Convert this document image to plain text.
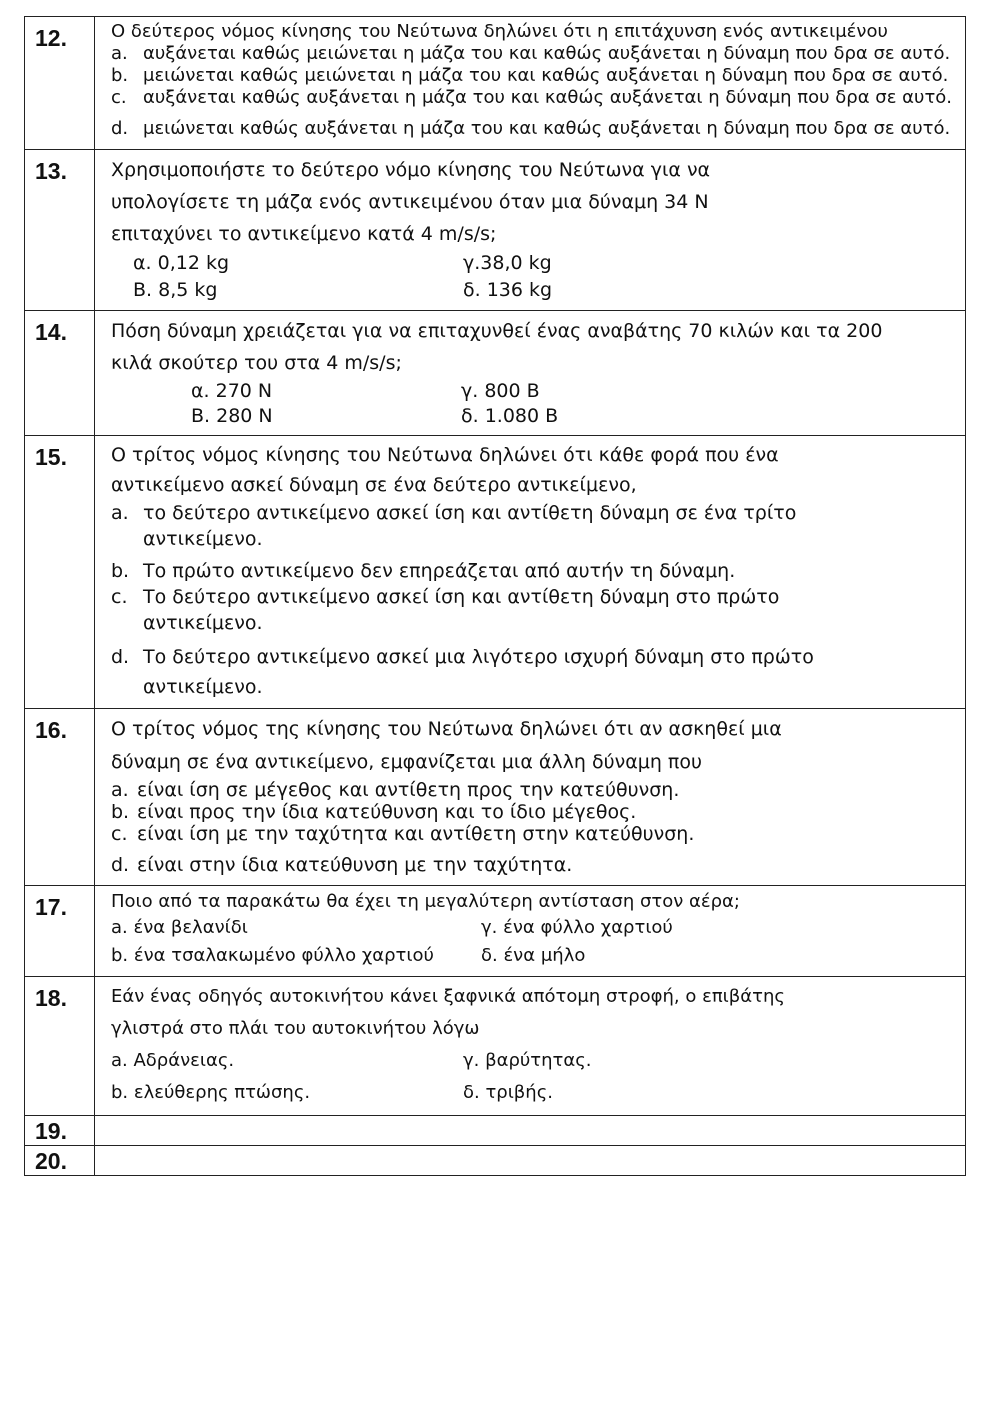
12.	Ο δεύτερος νόμος κίνησης του Νεύτωνα δηλώνει ότι η επιτάχυνση ενός αντικειμένου
a. αυξάνεται καθώς μειώνεται η μάζα του και καθώς αυξάνεται η δύναμη που δρα σε αυτό.
b. μειώνεται καθώς μειώνεται η μάζα του και καθώς αυξάνεται η δύναμη που δρα σε αυτό.
c. αυξάνεται καθώς αυξάνεται η μάζα του και καθώς αυξάνεται η δύναμη που δρα σε αυτό.
d. μειώνεται καθώς αυξάνεται η μάζα του και καθώς αυξάνεται η δύναμη που δρα σε αυτό.
13.	Χρησιμοποιήστε το δεύτερο νόμο κίνησης του Νεύτωνα για να υπολογίσετε τη μάζα ενός αντικειμένου όταν μια δύναμη 34 N επιταχύνει το αντικείμενο κατά 4 m/s/s;
α. 0,12 kg	γ.38,0 kg
Β. 8,5 kg	δ. 136 kg
14.	Πόση δύναμη χρειάζεται για να επιταχυνθεί ένας αναβάτης 70 κιλών και τα 200 κιλά σκούτερ του στα 4 m/s/s;
α. 270 N	γ. 800 Β
Β. 280 N	δ. 1.080 Β
15.	Ο τρίτος νόμος κίνησης του Νεύτωνα δηλώνει ότι κάθε φορά που ένα αντικείμενο ασκεί δύναμη σε ένα δεύτερο αντικείμενο,
a. το δεύτερο αντικείμενο ασκεί ίση και αντίθετη δύναμη σε ένα τρίτο αντικείμενο.
b. Το πρώτο αντικείμενο δεν επηρεάζεται από αυτήν τη δύναμη.
c. Το δεύτερο αντικείμενο ασκεί ίση και αντίθετη δύναμη στο πρώτο αντικείμενο.
d. Το δεύτερο αντικείμενο ασκεί μια λιγότερο ισχυρή δύναμη στο πρώτο αντικείμενο.
16.	Ο τρίτος νόμος της κίνησης του Νεύτωνα δηλώνει ότι αν ασκηθεί μια δύναμη σε ένα αντικείμενο, εμφανίζεται μια άλλη δύναμη που
a. είναι ίση σε μέγεθος και αντίθετη προς την κατεύθυνση.
b. είναι προς την ίδια κατεύθυνση και το ίδιο μέγεθος.
c. είναι ίση με την ταχύτητα και αντίθετη στην κατεύθυνση.
d. είναι στην ίδια κατεύθυνση με την ταχύτητα.
17.	Ποιο από τα παρακάτω θα έχει τη μεγαλύτερη αντίσταση στον αέρα;
a. ένα βελανίδι	γ. ένα φύλλο χαρτιού
b. ένα τσαλακωμένο φύλλο χαρτιού	δ. ένα μήλο
18.	Εάν ένας οδηγός αυτοκινήτου κάνει ξαφνικά απότομη στροφή, ο επιβάτης γλιστρά στο πλάι του αυτοκινήτου λόγω
a. Αδράνειας.	γ. βαρύτητας.
b. ελεύθερης πτώσης.	δ. τριβής.
19.
20.
